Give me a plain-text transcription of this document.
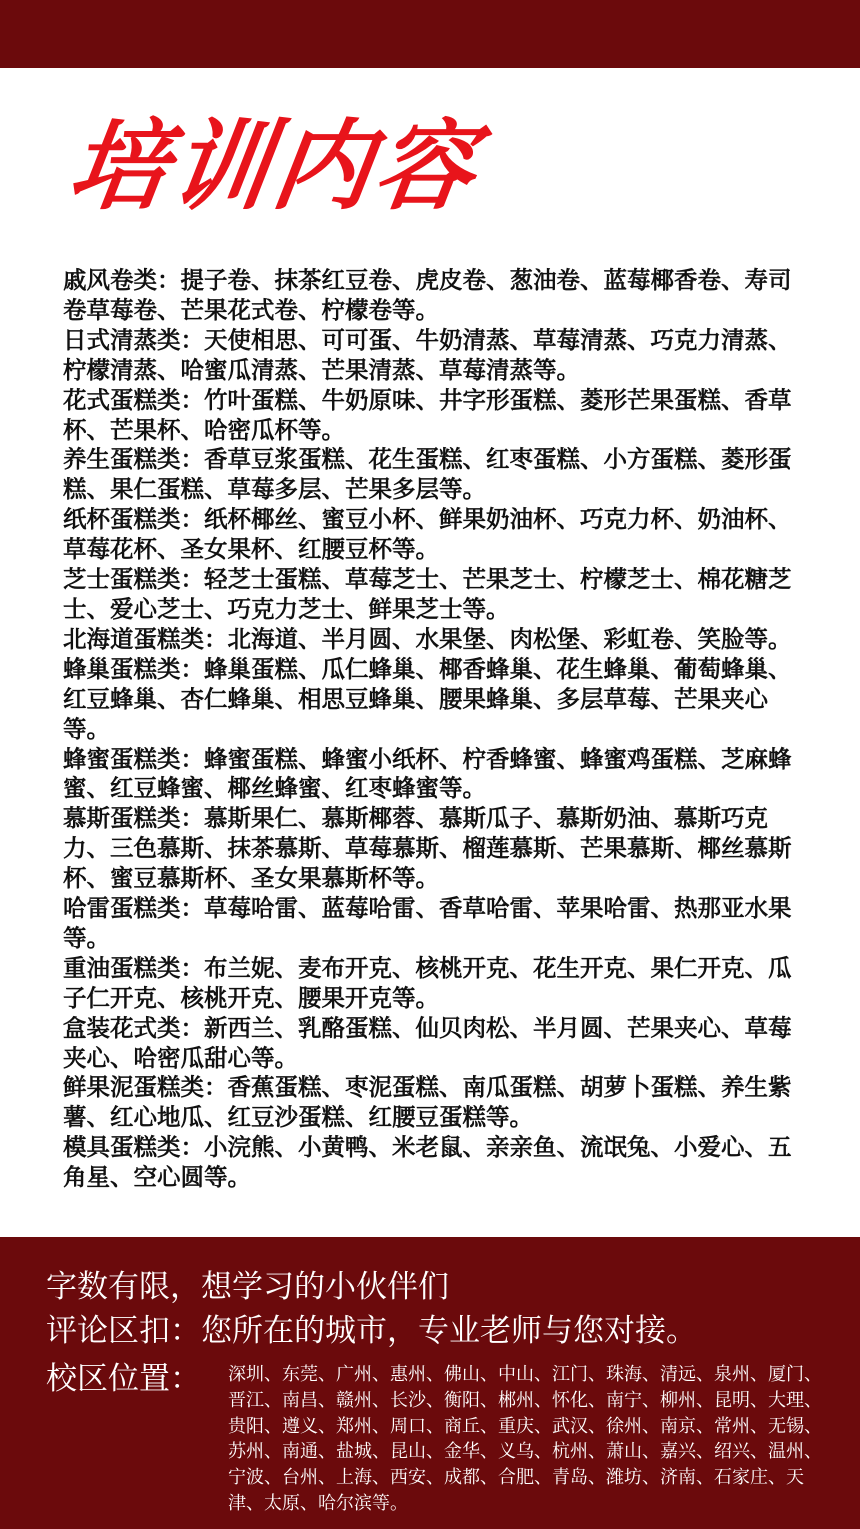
培训内容

戚风卷类：提子卷、抹茶红豆卷、虎皮卷、葱油卷、蓝莓椰香卷、寿司卷草莓卷、芒果花式卷、柠檬卷等。

日式清蒸类：天使相思、可可蛋、牛奶清蒸、草莓清蒸、巧克力清蒸、柠檬清蒸、哈蜜瓜清蒸、芒果清蒸、草莓清蒸等。

花式蛋糕类：竹叶蛋糕、牛奶原味、井字形蛋糕、菱形芒果蛋糕、香草杯、芒果杯、哈密瓜杯等。

养生蛋糕类：香草豆浆蛋糕、花生蛋糕、红枣蛋糕、小方蛋糕、菱形蛋糕、果仁蛋糕、草莓多层、芒果多层等。

纸杯蛋糕类：纸杯椰丝、蜜豆小杯、鲜果奶油杯、巧克力杯、奶油杯、草莓花杯、圣女果杯、红腰豆杯等。

芝士蛋糕类：轻芝士蛋糕、草莓芝士、芒果芝士、柠檬芝士、棉花糖芝士、爱心芝士、巧克力芝士、鲜果芝士等。

北海道蛋糕类：北海道、半月圆、水果堡、肉松堡、彩虹卷、笑脸等。

蜂巢蛋糕类：蜂巢蛋糕、瓜仁蜂巢、椰香蜂巢、花生蜂巢、葡萄蜂巢、红豆蜂巢、杏仁蜂巢、相思豆蜂巢、腰果蜂巢、多层草莓、芒果夹心等。

蜂蜜蛋糕类：蜂蜜蛋糕、蜂蜜小纸杯、柠香蜂蜜、蜂蜜鸡蛋糕、芝麻蜂蜜、红豆蜂蜜、椰丝蜂蜜、红枣蜂蜜等。

慕斯蛋糕类：慕斯果仁、慕斯椰蓉、慕斯瓜子、慕斯奶油、慕斯巧克力、三色慕斯、抹茶慕斯、草莓慕斯、榴莲慕斯、芒果慕斯、椰丝慕斯杯、蜜豆慕斯杯、圣女果慕斯杯等。

哈雷蛋糕类：草莓哈雷、蓝莓哈雷、香草哈雷、苹果哈雷、热那亚水果等。

重油蛋糕类：布兰妮、麦布开克、核桃开克、花生开克、果仁开克、瓜子仁开克、核桃开克、腰果开克等。

盒装花式类：新西兰、乳酪蛋糕、仙贝肉松、半月圆、芒果夹心、草莓夹心、哈密瓜甜心等。

鲜果泥蛋糕类：香蕉蛋糕、枣泥蛋糕、南瓜蛋糕、胡萝卜蛋糕、养生紫薯、红心地瓜、红豆沙蛋糕、红腰豆蛋糕等。

模具蛋糕类：小浣熊、小黄鸭、米老鼠、亲亲鱼、流氓兔、小爱心、五角星、空心圆等。

字数有限，想学习的小伙伴们
评论区扣：您所在的城市，专业老师与您对接。
校区位置： 深圳、东莞、广州、惠州、佛山、中山、江门、珠海、清远、泉州、厦门、晋江、南昌、赣州、长沙、衡阳、郴州、怀化、南宁、柳州、昆明、大理、贵阳、遵义、郑州、周口、商丘、重庆、武汉、徐州、南京、常州、无锡、苏州、南通、盐城、昆山、金华、义乌、杭州、萧山、嘉兴、绍兴、温州、宁波、台州、上海、西安、成都、合肥、青岛、潍坊、济南、石家庄、天津、太原、哈尔滨等。
